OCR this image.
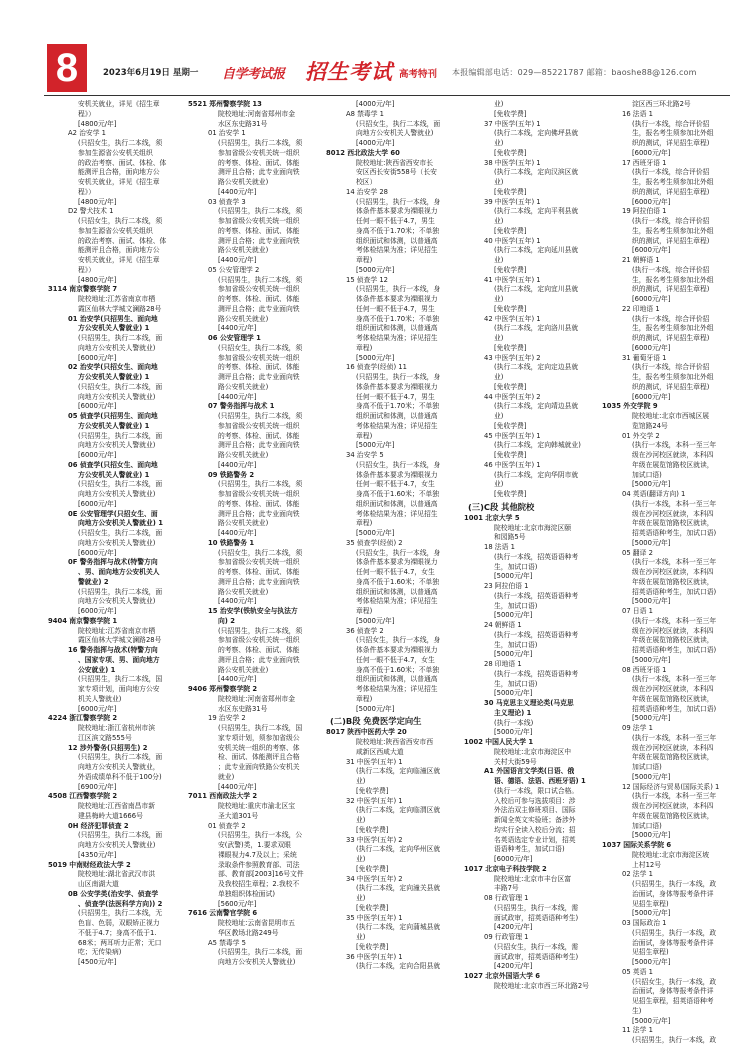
8	2023年6月19日 星期一 自学考试报 招生考试 高考特刊 本报编辑部电话：029—85221787 邮箱：baoshe88@126.com
安机关就业，详见《招生章
程》）
[4800元/年]
A2 治安学 1
(只招女生，执行二本线，须
参加生源省公安机关组织
的政治考察、面试、体检、体
能测评且合格，面向地方公
安机关就业，详见《招生章
程》）
[4800元/年]
D2 警犬技术 1
(只招女生，执行二本线，须
参加生源省公安机关组织
的政治考察、面试、体检、体
能测评且合格，面向地方公
安机关就业，详见《招生章
程》）
[4800元/年]
3114 南京警察学院 7
院校地址:江苏省南京市栖
霞区仙林大学城文澜路28号
01 治安学(只招男生、面向地
方公安机关人警就业) 1
(只招男生，执行二本线，面
向地方公安机关人警就业)
[6000元/年]
02 治安学(只招女生、面向地
方公安机关人警就业) 1
(只招女生，执行二本线，面
向地方公安机关人警就业)
[6000元/年]
05 侦查学(只招男生、面向地
方公安机关人警就业) 1
(只招男生，执行二本线，面
向地方公安机关人警就业)
[6000元/年]
06 侦查学(只招女生、面向地
方公安机关人警就业) 1
(只招女生，执行二本线，面
向地方公安机关人警就业)
[6000元/年]
0E 公安管理学(只招女生、面
向地方公安机关人警就业) 1
(只招女生，执行二本线，面
向地方公安机关人警就业)
[6000元/年]
0F 警务指挥与战术(特警方向
、男、面向地方公安机关人
警就业) 2
(只招男生，执行二本线，面
向地方公安机关人警就业)
[6000元/年]
9404 南京警察学院 1
院校地址:江苏省南京市栖
霞区仙林大学城文澜路28号
16 警务指挥与战术(特警方向
、国家专项、男、面向地方
公安就业) 1
(只招男生，执行二本线，国
家专项计划，面向地方公安
机关人警就业)
[6000元/年]
4224 浙江警察学院 2
院校地址:浙江省杭州市滨
江区滨文路555号
12 涉外警务(只招男生) 2
(只招男生，执行二本线，面
向地方公安机关人警就业，
外语成绩单科不低于100分)
[6900元/年]
4508 江西警察学院 2
院校地址:江西省南昌市新
建县梅岭大道1666号
0H 经济犯罪侦查 2
(只招男生，执行二本线，面
向地方公安机关人警就业)
[4350元/年]
5019 中南财经政法大学 2
院校地址:湖北省武汉市洪
山区南湖大道
0B 公安学类(治安学、侦查学
、侦查学(法医科学方向)) 2
(只招男生，执行二本线，无
色盲、色弱，双眼矫正视力
不低于4.7；身高不低于1.
68米；两耳听力正常；无口
吃；无传染病)
[4500元/年]
5521 郑州警察学院 13
院校地址:河南省郑州市金
水区东史路31号
01 治安学 1
(只招男生，执行二本线，须
参加省级公安机关统一组织
的考察、体检、面试、体能
测评且合格；此专业面向铁
路公安机关就业)
[4400元/年]
03 侦查学 3
(只招男生，执行二本线，须
参加省级公安机关统一组织
的考察、体检、面试、体能
测评且合格；此专业面向铁
路公安机关就业)
[4400元/年]
05 公安管理学 2
(只招男生，执行二本线，须
参加省级公安机关统一组织
的考察、体检、面试、体能
测评且合格；此专业面向铁
路公安机关就业)
[4400元/年]
06 公安管理学 1
(只招女生，执行二本线，须
参加省级公安机关统一组织
的考察、体检、面试、体能
测评且合格；此专业面向铁
路公安机关就业)
[4400元/年]
07 警务指挥与战术 1
(只招男生，执行二本线，须
参加省级公安机关统一组织
的考察、体检、面试、体能
测评且合格；此专业面向铁
路公安机关就业)
[4400元/年]
09 铁路警务 2
(只招男生，执行二本线，须
参加省级公安机关统一组织
的考察、体检、面试、体能
测评且合格；此专业面向铁
路公安机关就业)
[4400元/年]
10 铁路警务 1
(只招女生，执行二本线，须
参加省级公安机关统一组织
的考察、体检、面试、体能
测评且合格；此专业面向铁
路公安机关就业)
[4400元/年]
15 治安学(铁轨安全与执法方
向) 2
(只招男生，执行二本线，须
参加省级公安机关统一组织
的考察、体检、面试、体能
测评且合格；此专业面向铁
路公安机关就业)
[4400元/年]
9406 郑州警察学院 2
院校地址:河南省郑州市金
水区东史路31号
19 治安学 2
(只招男生，执行二本线，国
家专项计划，须参加省级公
安机关统一组织的考察、体
检、面试、体能测评且合格
；此专业面向铁路公安机关
就业)
[4400元/年]
7011 西南政法大学 2
院校地址:重庆市渝北区宝
圣大道301号
01 侦查学 2
(只招男生，执行一本线，公
安(武警)类，1.要求双眼
裸眼视力4.7及以上；采统
录取条件参照教育部、司法
部、教育部[2003]16号文件
及我校招生章程；2.我校不
单独组织体检面试)
[5600元/年]
7616 云南警官学院 6
院校地址:云南省昆明市五
华区教场北路249号
A5 禁毒学 5
(只招男生，执行二本线，面
向地方公安机关人警就业)
[4000元/年]
A8 禁毒学 1
(只招女生，执行二本线，面
向地方公安机关人警就业)
[4000元/年]
8012 西北政法大学 60
院校地址:陕西省西安市长
安区西长安街558号（长安
校区）
14 治安学 28
(只招男生，执行一本线，身
体条件基本要求为裸眼视力
任何一眼不低于4.7，男生
身高不低于1.70米；不单独
组织面试和体测，以普通高
考体检结果为准；详见招生
章程)
[5000元/年]
15 侦查学 12
(只招男生，执行一本线，身
体条件基本要求为裸眼视力
任何一眼不低于4.7，男生
身高不低于1.70米；不单独
组织面试和体测，以普通高
考体检结果为准；详见招生
章程)
[5000元/年]
16 侦查学(经侦) 11
(只招男生，执行一本线，身
体条件基本要求为裸眼视力
任何一眼不低于4.7，男生
身高不低于1.70米；不单独
组织面试和体测，以普通高
考体检结果为准；详见招生
章程)
[5000元/年]
34 治安学 5
(只招女生，执行一本线，身
体条件基本要求为裸眼视力
任何一眼不低于4.7，女生
身高不低于1.60米；不单独
组织面试和体测，以普通高
考体检结果为准；详见招生
章程)
[5000元/年]
35 侦查学(经侦) 2
(只招女生，执行一本线，身
体条件基本要求为裸眼视力
任何一眼不低于4.7，女生
身高不低于1.60米；不单独
组织面试和体测，以普通高
考体检结果为准；详见招生
章程)
[5000元/年]
36 侦查学 2
(只招女生，执行一本线，身
体条件基本要求为裸眼视力
任何一眼不低于4.7，女生
身高不低于1.60米；不单独
组织面试和体测，以普通高
考体检结果为准；详见招生
章程)
[5000元/年]
(二)B段 免费医学定向生
8017 陕西中医药大学 20
院校地址:陕西省西安市西
咸新区西咸大道
31 中医学(五年) 1
(执行二本线，定向临潼区就
业)
[免收学费]
32 中医学(五年) 1
(执行二本线，定向临渭区就
业)
[免收学费]
33 中医学(五年) 2
(执行二本线，定向华州区就
业)
[免收学费]
34 中医学(五年) 2
(执行二本线，定向潼关县就
业)
[免收学费]
35 中医学(五年) 1
(执行二本线，定向蒲城县就
业)
[免收学费]
36 中医学(五年) 1
(执行二本线，定向合阳县就
业)
[免收学费]
37 中医学(五年) 1
(执行二本线，定向佛坪县就
业)
[免收学费]
38 中医学(五年) 1
(执行二本线，定向汉滨区就
业)
[免收学费]
39 中医学(五年) 1
(执行二本线，定向平利县就
业)
[免收学费]
40 中医学(五年) 1
(执行二本线，定向延川县就
业)
[免收学费]
41 中医学(五年) 1
(执行二本线，定向宜川县就
业)
[免收学费]
42 中医学(五年) 1
(执行二本线，定向洛川县就
业)
[免收学费]
43 中医学(五年) 2
(执行二本线，定向定边县就
业)
[免收学费]
44 中医学(五年) 2
(执行二本线，定向靖边县就
业)
[免收学费]
45 中医学(五年) 1
(执行二本线，定向韩城就业)
[免收学费]
46 中医学(五年) 1
(执行二本线，定向华阴市就
业)
[免收学费]
(三)C段 其他院校
1001 北京大学 5
院校地址:北京市海淀区颐
和园路5号
18 法语 1
(执行一本线，招英语语种考
生，加试口语)
[5000元/年]
23 阿拉伯语 1
(执行一本线，招英语语种考
生，加试口语)
[5000元/年]
24 朝鲜语 1
(执行一本线，招英语语种考
生，加试口语)
[5000元/年]
28 印地语 1
(执行一本线，招英语语种考
生，加试口语)
[5000元/年]
30 马克思主义理论类(马克思
主义理论) 1
(执行一本线)
[5000元/年]
1002 中国人民大学 1
院校地址:北京市海淀区中
关村大街59号
A1 外国语言文学类(日语、俄
语、德语、法语、西班牙语) 1
(执行一本线，限口试合格。
入校后可参与选拔项目：涉
外法治双主修班项目、国际
新闻全英文实验班；备涉外
均实行全读入校后分流；招
名英语选定专业计划，招英
语语种考生，加试口语)
[6000元/年]
1017 北京电子科技学院 2
院校地址:北京市丰台区富
丰路7号
08 行政管理 1
(只招男生，执行一本线，需
面试政审，招英语语种考生)
[4200元/年]
09 行政管理 1
(只招女生，执行一本线，需
面试政审，招英语语种考生)
[4200元/年]
1027 北京外国语大学 6
院校地址:北京市西三环北路2号
淀区西三环北路2号
16 法语 1
(执行一本线，综合评价招
生，报名考生须参加北外组
织的测试，详见招生章程)
[6000元/年]
17 西班牙语 1
(执行一本线，综合评价招
生，报名考生须参加北外组
织的测试，详见招生章程)
[6000元/年]
19 阿拉伯语 1
(执行一本线，综合评价招
生，报名考生须参加北外组
织的测试，详见招生章程)
[6000元/年]
21 朝鲜语 1
(执行一本线，综合评价招
生，报名考生须参加北外组
织的测试，详见招生章程)
[6000元/年]
22 印地语 1
(执行一本线，综合评价招
生，报名考生须参加北外组
织的测试，详见招生章程)
[6000元/年]
31 葡萄牙语 1
(执行一本线，综合评价招
生，报名考生须参加北外组
织的测试，详见招生章程)
[6000元/年]
1035 外交学院 9
院校地址:北京市西城区展
览馆路24号
01 外交学 2
(执行一本线，本科一至三年
级在沙河校区就读，本科四
年级在展览馆路校区就读，
加试口语)
[5000元/年]
04 英语(翻译方向) 1
(执行一本线，本科一至三年
级在沙河校区就读，本科四
年级在展览馆路校区就读，
招英语语种考生，加试口语)
[5000元/年]
05 翻译 2
(执行一本线，本科一至三年
级在沙河校区就读，本科四
年级在展览馆路校区就读，
招英语语种考生，加试口语)
[5000元/年]
07 日语 1
(执行一本线，本科一至三年
级在沙河校区就读，本科四
年级在展览馆路校区就读，
招英语语种考生，加试口语)
[5000元/年]
08 西班牙语 1
(执行一本线，本科一至三年
级在沙河校区就读，本科四
年级在展览馆路校区就读，
招英语语种考生，加试口语)
[5000元/年]
09 法学 1
(执行一本线，本科一至三年
级在沙河校区就读，本科四
年级在展览馆路校区就读，
加试口语)
[5000元/年]
12 国际经济与贸易(国际关系) 1
(执行一本线，本科一至三年
级在沙河校区就读，本科四
年级在展览馆路校区就读，
加试口语)
[5000元/年]
1037 国际关系学院 6
院校地址:北京市海淀区坡
上村12号
02 法学 1
(只招男生，执行一本线，政
治面试，身体等报考条件详
见招生章程)
[5000元/年]
03 国际政治 1
(只招男生，执行一本线，政
治面试，身体等报考条件详
见招生章程)
[5000元/年]
05 英语 1
(只招女生，执行一本线，政
治面试，身体等报考条件详
见招生章程，招英语语种考
生)
[5000元/年]
11 法学 1
(只招男生，执行一本线，政
